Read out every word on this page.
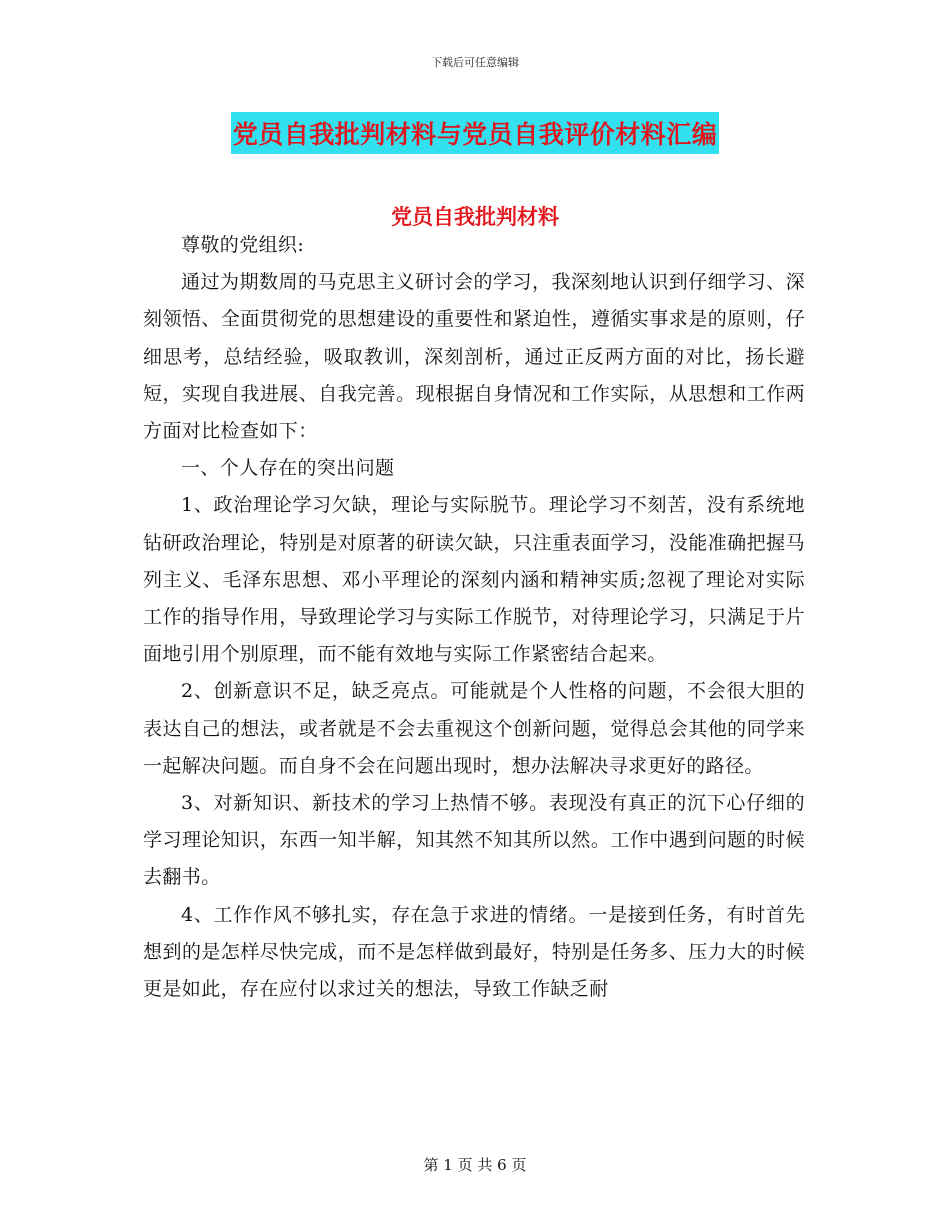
下载后可任意编辑
党员自我批判材料与党员自我评价材料汇编
党员自我批判材料

尊敬的党组织:

通过为期数周的马克思主义研讨会的学习，我深刻地认识到仔细学习、深刻领悟、全面贯彻党的思想建设的重要性和紧迫性，遵循实事求是的原则，仔细思考，总结经验，吸取教训，深刻剖析，通过正反两方面的对比，扬长避短，实现自我进展、自我完善。现根据自身情况和工作实际，从思想和工作两方面对比检查如下：

一、个人存在的突出问题

1、政治理论学习欠缺，理论与实际脱节。理论学习不刻苦，没有系统地钻研政治理论，特别是对原著的研读欠缺，只注重表面学习，没能准确把握马列主义、毛泽东思想、邓小平理论的深刻内涵和精神实质;忽视了理论对实际工作的指导作用，导致理论学习与实际工作脱节，对待理论学习，只满足于片面地引用个别原理，而不能有效地与实际工作紧密结合起来。

2、创新意识不足，缺乏亮点。可能就是个人性格的问题，不会很大胆的表达自己的想法，或者就是不会去重视这个创新问题，觉得总会其他的同学来一起解决问题。而自身不会在问题出现时，想办法解决寻求更好的路径。

3、对新知识、新技术的学习上热情不够。表现没有真正的沉下心仔细的学习理论知识，东西一知半解，知其然不知其所以然。工作中遇到问题的时候去翻书。

4、工作作风不够扎实，存在急于求进的情绪。一是接到任务，有时首先想到的是怎样尽快完成，而不是怎样做到最好，特别是任务多、压力大的时候更是如此，存在应付以求过关的想法，导致工作缺乏耐

第 1 页 共 6 页
